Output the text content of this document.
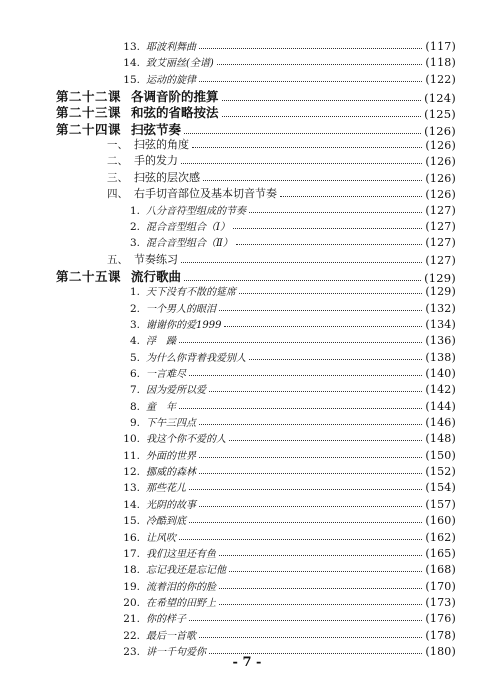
13. 耶波利舞曲	(117)
14. 致艾丽丝(全谱)	(118)
15. 运动的旋律	(122)
第二十二课 各调音阶的推算	(124)
第二十三课 和弦的省略按法	(125)
第二十四课 扫弦节奏	(126)
一、 扫弦的角度	(126)
二、 手的发力	(126)
三、 扫弦的层次感	(126)
四、 右手切音部位及基本切音节奏	(126)
1. 八分音符型组成的节奏	(127)
2. 混合音型组合（Ⅰ）	(127)
3. 混合音型组合（Ⅱ）	(127)
五、 节奏练习	(127)
第二十五课 流行歌曲	(129)
1. 天下没有不散的筵席	(129)
2. 一个男人的眼泪	(132)
3. 谢谢你的爱1999	(134)
4. 浮　躁	(136)
5. 为什么你背着我爱别人	(138)
6. 一言难尽	(140)
7. 因为爱所以爱	(142)
8. 童　年	(144)
9. 下午三四点	(146)
10. 我这个你不爱的人	(148)
11. 外面的世界	(150)
12. 挪威的森林	(152)
13. 那些花儿	(154)
14. 光阴的故事	(157)
15. 冷酷到底	(160)
16. 让风吹	(162)
17. 我们这里还有鱼	(165)
18. 忘记我还是忘记他	(168)
19. 流着泪的你的脸	(170)
20. 在希望的田野上	(173)
21. 你的样子	(176)
22. 最后一首歌	(178)
23. 讲一千句爱你	(180)
- 7 -
